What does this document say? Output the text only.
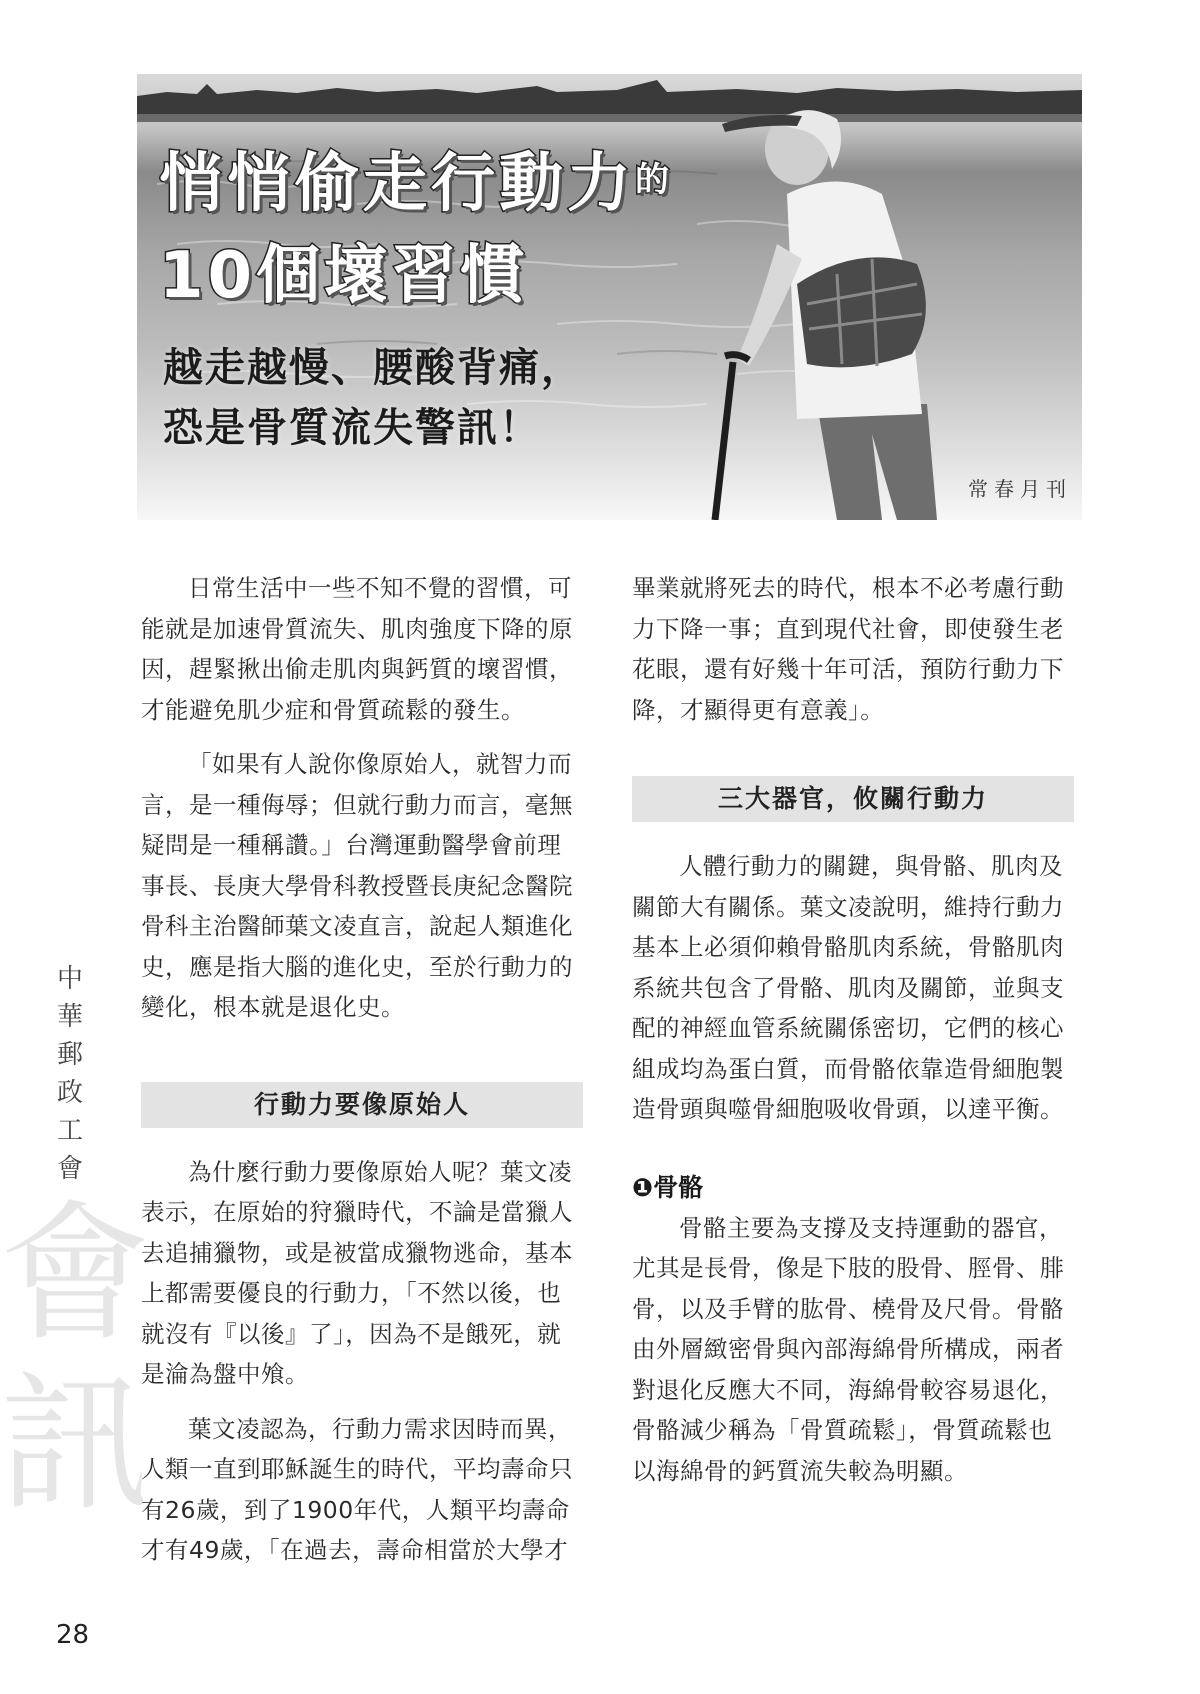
悄悄偷走行動力$^的$
10個壞習慣
越走越慢、腰酸背痛，
恐是骨質流失警訊！
常春月刊
會
訊
中
華
郵
政
工
會
28

日常生活中一些不知不覺的習慣，可能就是加速骨質流失、肌肉強度下降的原因，趕緊揪出偷走肌肉與鈣質的壞習慣，才能避免肌少症和骨質疏鬆的發生。

「如果有人說你像原始人，就智力而言，是一種侮辱；但就行動力而言，毫無疑問是一種稱讚。」台灣運動醫學會前理事長、長庚大學骨科教授暨長庚紀念醫院骨科主治醫師葉文凌直言，說起人類進化史，應是指大腦的進化史，至於行動力的變化，根本就是退化史。

行動力要像原始人

為什麼行動力要像原始人呢？葉文凌表示，在原始的狩獵時代，不論是當獵人去追捕獵物，或是被當成獵物逃命，基本上都需要優良的行動力，「不然以後，也就沒有『以後』了」，因為不是餓死，就是淪為盤中飧。

葉文凌認為，行動力需求因時而異，人類一直到耶穌誕生的時代，平均壽命只有26歲，到了1900年代，人類平均壽命才有49歲，「在過去，壽命相當於大學才

畢業就將死去的時代，根本不必考慮行動力下降一事；直到現代社會，即使發生老花眼，還有好幾十年可活，預防行動力下降，才顯得更有意義」。

三大器官，攸關行動力

人體行動力的關鍵，與骨骼、肌肉及關節大有關係。葉文凌說明，維持行動力基本上必須仰賴骨骼肌肉系統，骨骼肌肉系統共包含了骨骼、肌肉及關節，並與支配的神經血管系統關係密切，它們的核心組成均為蛋白質，而骨骼依靠造骨細胞製造骨頭與噬骨細胞吸收骨頭，以達平衡。

❶骨骼

骨骼主要為支撐及支持運動的器官，尤其是長骨，像是下肢的股骨、脛骨、腓骨，以及手臂的肱骨、橈骨及尺骨。骨骼由外層緻密骨與內部海綿骨所構成，兩者對退化反應大不同，海綿骨較容易退化，骨骼減少稱為「骨質疏鬆」，骨質疏鬆也以海綿骨的鈣質流失較為明顯。
